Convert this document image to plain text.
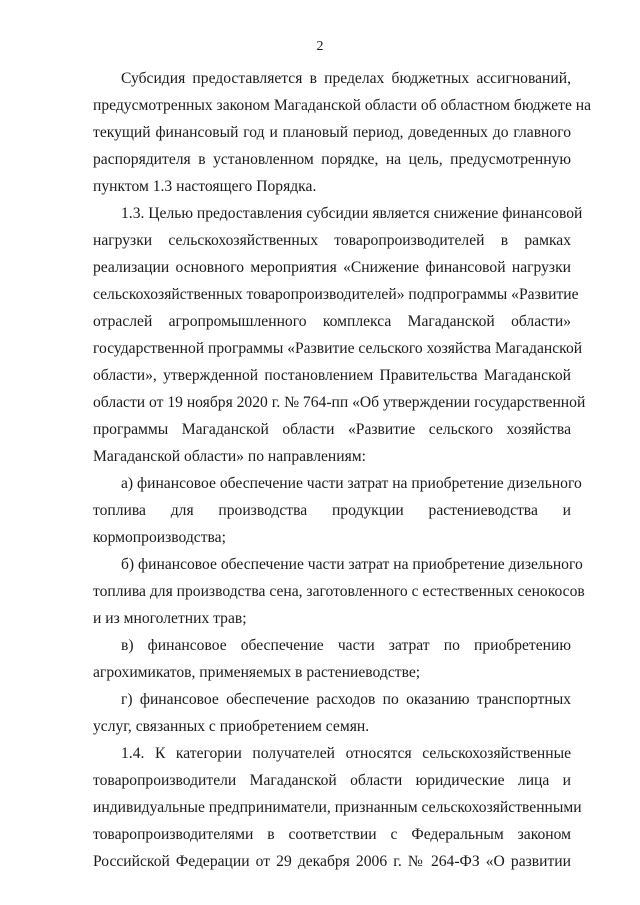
2
Субсидия предоставляется в пределах бюджетных ассигнований,
предусмотренных законом Магаданской области об областном бюджете на
текущий финансовый год и плановый период, доведенных до главного
распорядителя в установленном порядке, на цель, предусмотренную
пунктом 1.3 настоящего Порядка.
1.3. Целью предоставления субсидии является снижение финансовой
нагрузки сельскохозяйственных товаропроизводителей в рамках
реализации основного мероприятия «Снижение финансовой нагрузки
сельскохозяйственных товаропроизводителей» подпрограммы «Развитие
отраслей агропромышленного комплекса Магаданской области»
государственной программы «Развитие сельского хозяйства Магаданской
области», утвержденной постановлением Правительства Магаданской
области от 19 ноября 2020 г. № 764-пп «Об утверждении государственной
программы Магаданской области «Развитие сельского хозяйства
Магаданской области» по направлениям:
а) финансовое обеспечение части затрат на приобретение дизельного
топлива для производства продукции растениеводства и
кормопроизводства;
б) финансовое обеспечение части затрат на приобретение дизельного
топлива для производства сена, заготовленного с естественных сенокосов
и из многолетних трав;
в) финансовое обеспечение части затрат по приобретению
агрохимикатов, применяемых в растениеводстве;
г) финансовое обеспечение расходов по оказанию транспортных
услуг, связанных с приобретением семян.
1.4. К категории получателей относятся сельскохозяйственные
товаропроизводители Магаданской области юридические лица и
индивидуальные предприниматели, признанным сельскохозяйственными
товаропроизводителями в соответствии с Федеральным законом
Российской Федерации от 29 декабря 2006 г. № 264-ФЗ «О развитии
